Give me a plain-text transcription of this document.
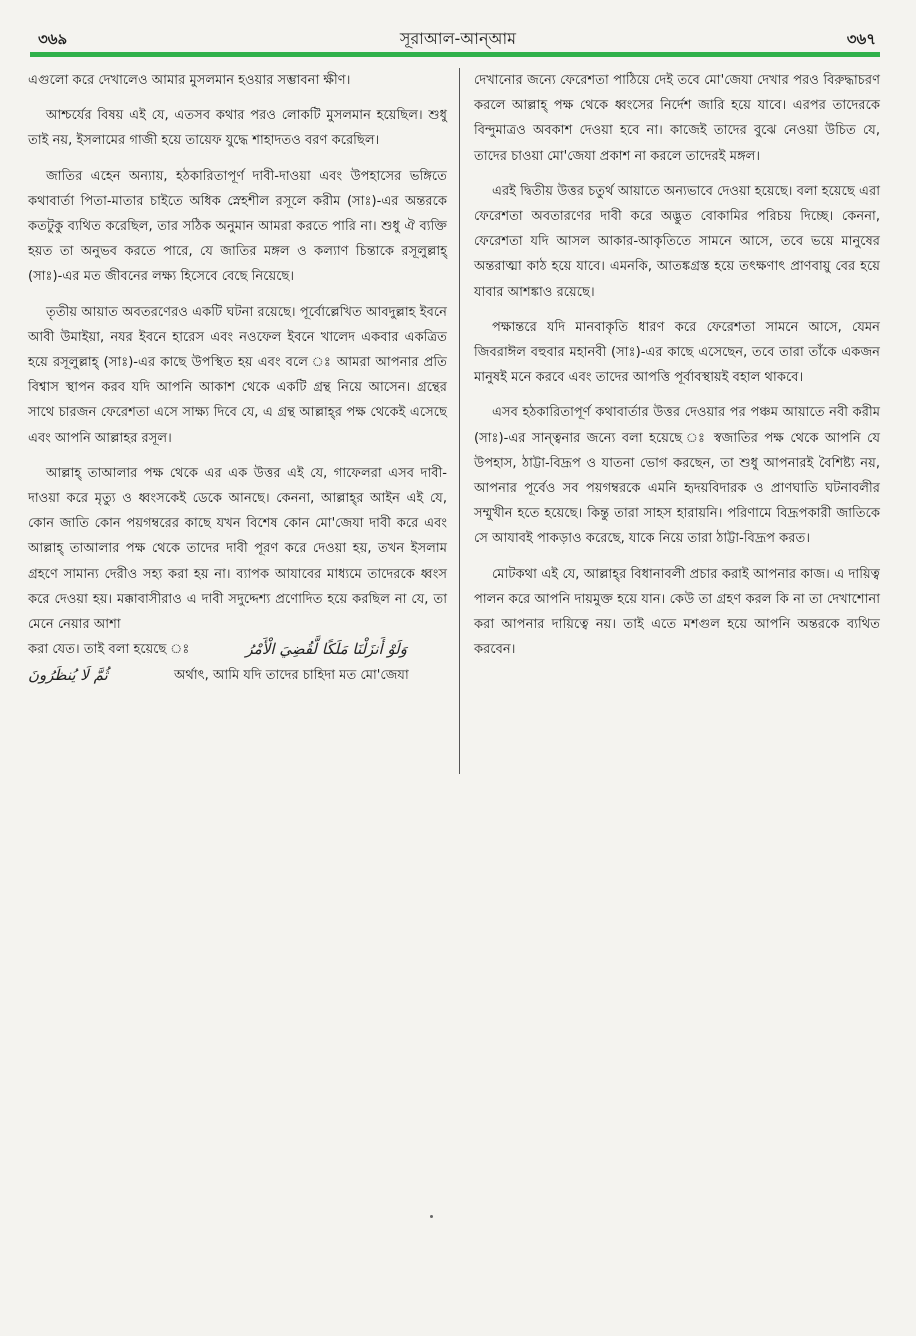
৩৬৯	সূরাআল-আন্‌আম	৩৬৭

এগুলো করে দেখালেও আমার মুসলমান হওয়ার সম্ভাবনা ক্ষীণ।

আশ্চর্যের বিষয় এই যে, এতসব কথার পরও লোকটি মুসলমান হয়েছিল। শুধু তাই নয়, ইসলামের গাজী হয়ে তায়েফ যুদ্ধে শাহাদতও বরণ করেছিল।

জাতির এহেন অন্যায়, হঠকারিতাপূর্ণ দাবী-দাওয়া এবং উপহাসের ভঙ্গিতে কথাবার্তা পিতা-মাতার চাইতে অধিক স্নেহশীল রসূলে করীম (সাঃ)-এর অন্তরকে কতটুকু ব্যথিত করেছিল, তার সঠিক অনুমান আমরা করতে পারি না। শুধু ঐ ব্যক্তি হয়ত তা অনুভব করতে পারে, যে জাতির মঙ্গল ও কল্যাণ চিন্তাকে রসূলুল্লাহ্ (সাঃ)-এর মত জীবনের লক্ষ্য হিসেবে বেছে নিয়েছে।

তৃতীয় আয়াত অবতরণেরও একটি ঘটনা রয়েছে। পূর্বোল্লেখিত আবদুল্লাহ ইবনে আবী উমাইয়া, নযর ইবনে হারেস এবং নওফেল ইবনে খালেদ একবার একত্রিত হয়ে রসূলুল্লাহ্ (সাঃ)-এর কাছে উপস্থিত হয় এবং বলে ঃ আমরা আপনার প্রতি বিশ্বাস স্থাপন করব যদি আপনি আকাশ থেকে একটি গ্রন্থ নিয়ে আসেন। গ্রন্থের সাথে চারজন ফেরেশতা এসে সাক্ষ্য দিবে যে, এ গ্রন্থ আল্লাহ্‌র পক্ষ থেকেই এসেছে এবং আপনি আল্লাহর রসূল।

আল্লাহ্ তাআলার পক্ষ থেকে এর এক উত্তর এই যে, গাফেলরা এসব দাবী-দাওয়া করে মৃত্যু ও ধ্বংসকেই ডেকে আনছে। কেননা, আল্লাহ্‌র আইন এই যে, কোন জাতি কোন পয়গম্বরের কাছে যখন বিশেষ কোন মো'জেযা দাবী করে এবং আল্লাহ্ তাআলার পক্ষ থেকে তাদের দাবী পূরণ করে দেওয়া হয়, তখন ইসলাম গ্রহণে সামান্য দেরীও সহ্য করা হয় না। ব্যাপক আযাবের মাধ্যমে তাদেরকে ধ্বংস করে দেওয়া হয়। মক্কাবাসীরাও এ দাবী সদুদ্দেশ্য প্রণোদিত হয়ে করছিল না যে, তা মেনে নেয়ার আশা

করা যেত। তাই বলা হয়েছে ঃ	وَلَوْ أَنزَلْنَا مَلَكًا لَّقُضِيَ الْأَمْرُ
ثُمَّ لَا يُنظَرُونَ	অর্থাৎ, আমি যদি তাদের চাহিদা মত মো'জেযা

দেখানোর জন্যে ফেরেশতা পাঠিয়ে দেই তবে মো'জেযা দেখার পরও বিরুদ্ধাচরণ করলে আল্লাহ্ পক্ষ থেকে ধ্বংসের নির্দেশ জারি হয়ে যাবে। এরপর তাদেরকে বিন্দুমাত্রও অবকাশ দেওয়া হবে না। কাজেই তাদের বুঝে নেওয়া উচিত যে, তাদের চাওয়া মো'জেযা প্রকাশ না করলে তাদেরই মঙ্গল।

এরই দ্বিতীয় উত্তর চতুর্থ আয়াতে অন্যভাবে দেওয়া হয়েছে। বলা হয়েছে এরা ফেরেশতা অবতারণের দাবী করে অদ্ভুত বোকামির পরিচয় দিচ্ছে। কেননা, ফেরেশতা যদি আসল আকার-আকৃতিতে সামনে আসে, তবে ভয়ে মানুষের অন্তরাত্মা কাঠ হয়ে যাবে। এমনকি, আতঙ্কগ্রস্ত হয়ে তৎক্ষণাৎ প্রাণবায়ু বের হয়ে যাবার আশঙ্কাও রয়েছে।

পক্ষান্তরে যদি মানবাকৃতি ধারণ করে ফেরেশতা সামনে আসে, যেমন জিবরাঈল বহুবার মহানবী (সাঃ)-এর কাছে এসেছেন, তবে তারা তাঁকে একজন মানুষই মনে করবে এবং তাদের আপত্তি পূর্বাবস্থায়ই বহাল থাকবে।

এসব হঠকারিতাপূর্ণ কথাবার্তার উত্তর দেওয়ার পর পঞ্চম আয়াতে নবী করীম (সাঃ)-এর সান্ত্বনার জন্যে বলা হয়েছে ঃ স্বজাতির পক্ষ থেকে আপনি যে উপহাস, ঠাট্টা-বিদ্রূপ ও যাতনা ভোগ করছেন, তা শুধু আপনারই বৈশিষ্ট্য নয়, আপনার পূর্বেও সব পয়গম্বরকে এমনি হৃদয়বিদারক ও প্রাণঘাতি ঘটনাবলীর সম্মুখীন হতে হয়েছে। কিন্তু তারা সাহস হারায়নি। পরিণামে বিদ্রূপকারী জাতিকে সে আযাবই পাকড়াও করেছে, যাকে নিয়ে তারা ঠাট্টা-বিদ্রূপ করত।

মোটকথা এই যে, আল্লাহ্‌র বিধানাবলী প্রচার করাই আপনার কাজ। এ দায়িত্ব পালন করে আপনি দায়মুক্ত হয়ে যান। কেউ তা গ্রহণ করল কি না তা দেখাশোনা করা আপনার দায়িত্বে নয়। তাই এতে মশগুল হয়ে আপনি অন্তরকে ব্যথিত করবেন।
